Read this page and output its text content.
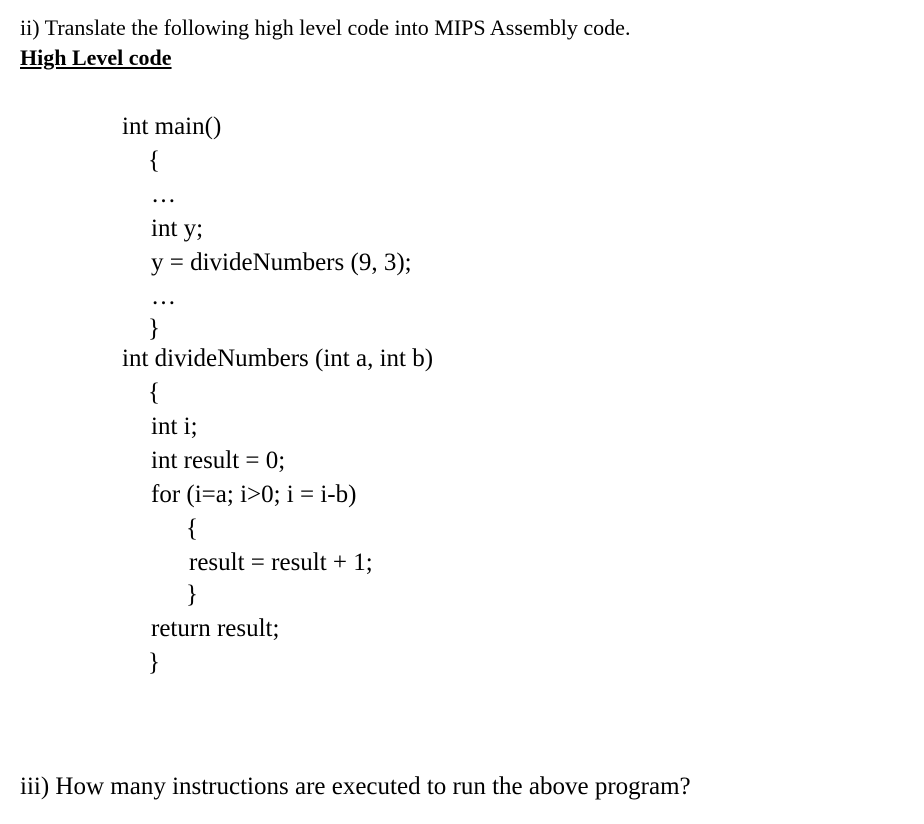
ii) Translate the following high level code into MIPS Assembly code.
High Level code
int main()
{
…
int y;
y = divideNumbers (9, 3);
…
}
int divideNumbers (int a, int b)
{
int i;
int result = 0;
for (i=a; i>0; i = i-b)
{
result = result + 1;
}
return result;
}
iii) How many instructions are executed to run the above program?
